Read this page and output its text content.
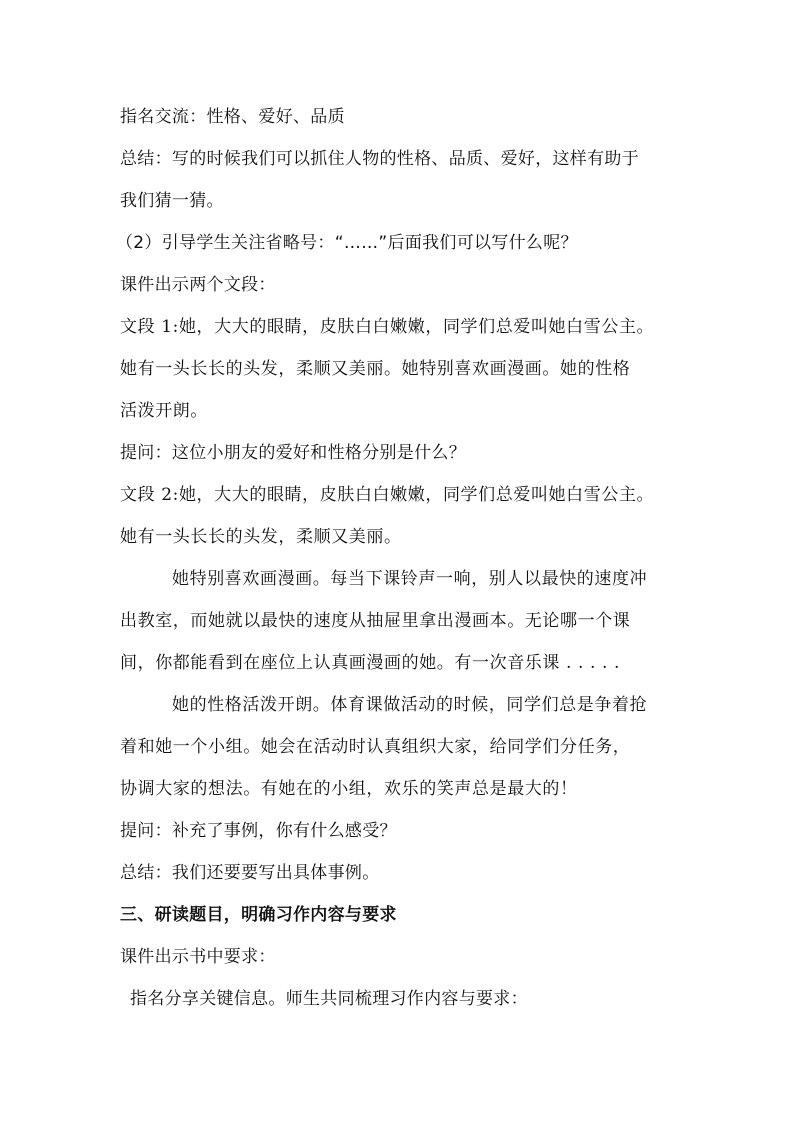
指名交流：性格、爱好、品质
总结：写的时候我们可以抓住人物的性格、品质、爱好，这样有助于
我们猜一猜。
（2）引导学生关注省略号：“……”后面我们可以写什么呢？
课件出示两个文段：
文段 1:她，大大的眼睛，皮肤白白嫩嫩，同学们总爱叫她白雪公主。
她有一头长长的头发，柔顺又美丽。她特别喜欢画漫画。她的性格
活泼开朗。
提问：这位小朋友的爱好和性格分别是什么？
文段 2:她，大大的眼睛，皮肤白白嫩嫩，同学们总爱叫她白雪公主。
她有一头长长的头发，柔顺又美丽。
她特别喜欢画漫画。每当下课铃声一响，别人以最快的速度冲
出教室，而她就以最快的速度从抽屉里拿出漫画本。无论哪一个课
间，你都能看到在座位上认真画漫画的她。有一次音乐课 . . . . .
她的性格活泼开朗。体育课做活动的时候，同学们总是争着抢
着和她一个小组。她会在活动时认真组织大家，给同学们分任务，
协调大家的想法。有她在的小组，欢乐的笑声总是最大的！
提问：补充了事例，你有什么感受？
总结：我们还要要写出具体事例。
三、研读题目，明确习作内容与要求
课件出示书中要求：
指名分享关键信息。师生共同梳理习作内容与要求：
